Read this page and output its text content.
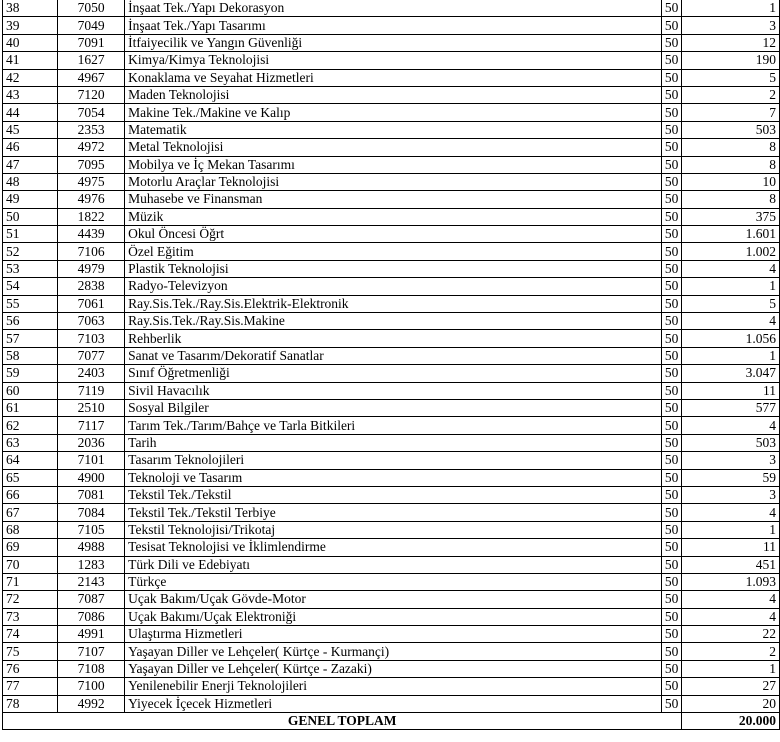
38	7050	İnşaat Tek./Yapı Dekorasyon	50	1
39	7049	İnşaat Tek./Yapı Tasarımı	50	3
40	7091	İtfaiyecilik ve Yangın Güvenliği	50	12
41	1627	Kimya/Kimya Teknolojisi	50	190
42	4967	Konaklama ve Seyahat Hizmetleri	50	5
43	7120	Maden Teknolojisi	50	2
44	7054	Makine Tek./Makine ve Kalıp	50	7
45	2353	Matematik	50	503
46	4972	Metal Teknolojisi	50	8
47	7095	Mobilya ve İç Mekan Tasarımı	50	8
48	4975	Motorlu Araçlar Teknolojisi	50	10
49	4976	Muhasebe ve Finansman	50	8
50	1822	Müzik	50	375
51	4439	Okul Öncesi Öğrt	50	1.601
52	7106	Özel Eğitim	50	1.002
53	4979	Plastik Teknolojisi	50	4
54	2838	Radyo-Televizyon	50	1
55	7061	Ray.Sis.Tek./Ray.Sis.Elektrik-Elektronik	50	5
56	7063	Ray.Sis.Tek./Ray.Sis.Makine	50	4
57	7103	Rehberlik	50	1.056
58	7077	Sanat ve Tasarım/Dekoratif Sanatlar	50	1
59	2403	Sınıf Öğretmenliği	50	3.047
60	7119	Sivil Havacılık	50	11
61	2510	Sosyal Bilgiler	50	577
62	7117	Tarım Tek./Tarım/Bahçe ve Tarla Bitkileri	50	4
63	2036	Tarih	50	503
64	7101	Tasarım Teknolojileri	50	3
65	4900	Teknoloji ve Tasarım	50	59
66	7081	Tekstil Tek./Tekstil	50	3
67	7084	Tekstil Tek./Tekstil Terbiye	50	4
68	7105	Tekstil Teknolojisi/Trikotaj	50	1
69	4988	Tesisat Teknolojisi ve İklimlendirme	50	11
70	1283	Türk Dili ve Edebiyatı	50	451
71	2143	Türkçe	50	1.093
72	7087	Uçak Bakım/Uçak Gövde-Motor	50	4
73	7086	Uçak Bakımı/Uçak Elektroniği	50	4
74	4991	Ulaştırma Hizmetleri	50	22
75	7107	Yaşayan Diller ve Lehçeler( Kürtçe - Kurmançi)	50	2
76	7108	Yaşayan Diller ve Lehçeler( Kürtçe - Zazaki)	50	1
77	7100	Yenilenebilir Enerji Teknolojileri	50	27
78	4992	Yiyecek İçecek Hizmetleri	50	20
GENEL TOPLAM				20.000
